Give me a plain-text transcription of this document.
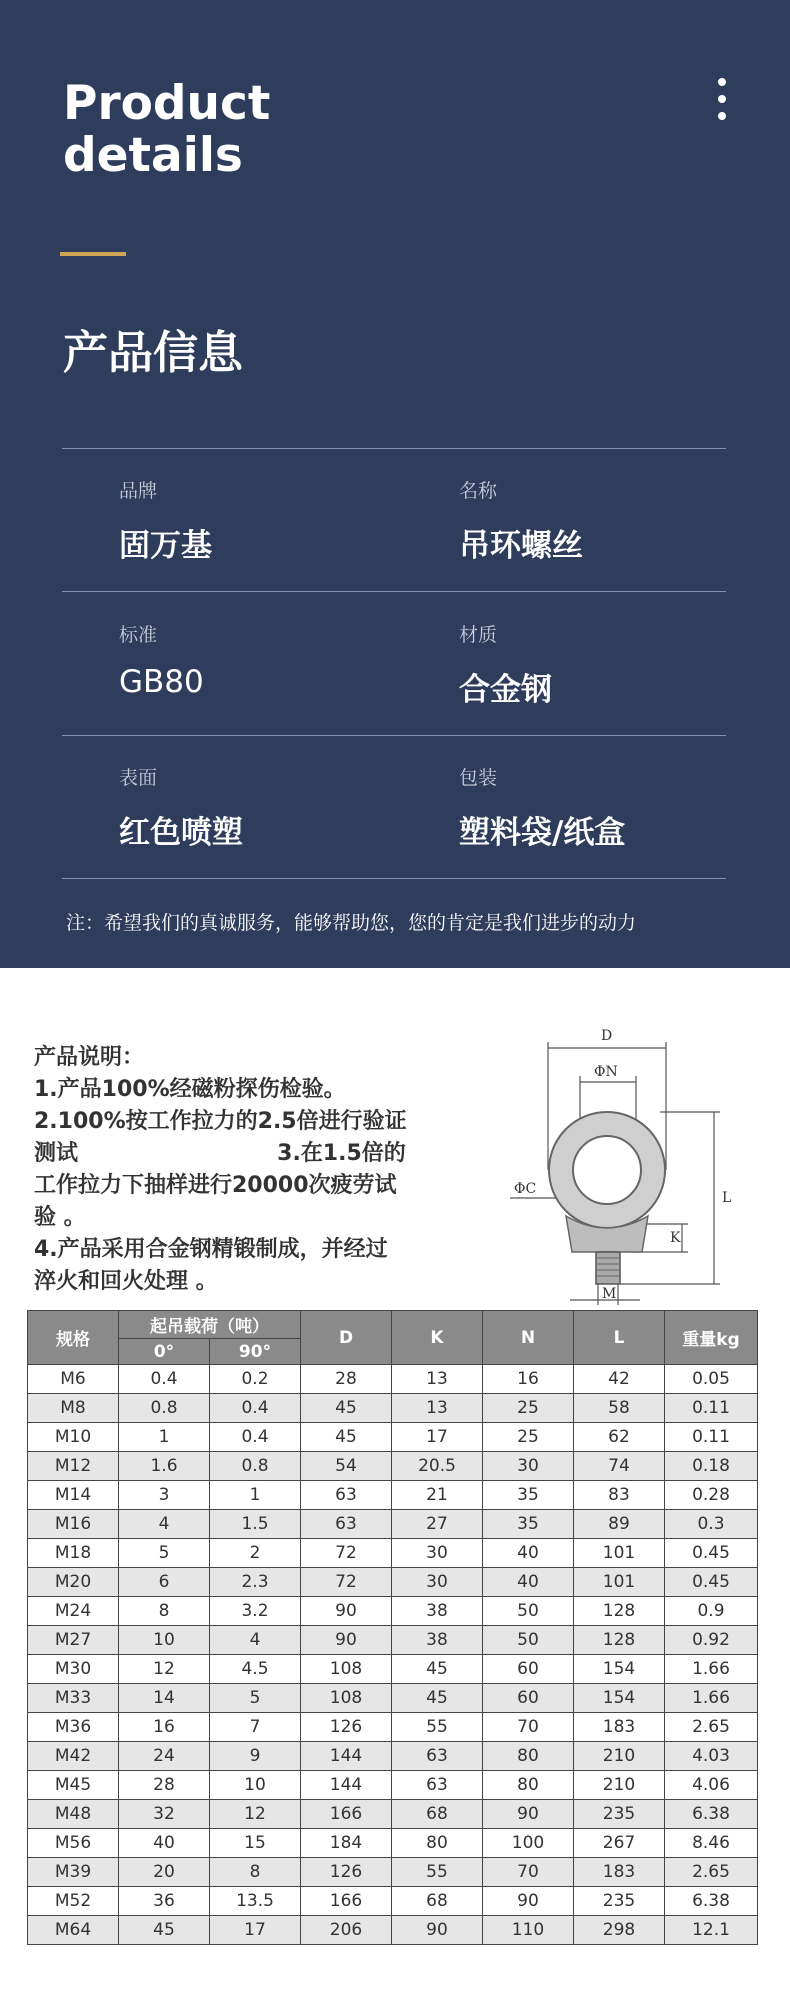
Product
details
产品信息
品牌
固万基
名称
吊环螺丝
标准
GB80
材质
合金钢
表面
红色喷塑
包装
塑料袋/纸盒
注：希望我们的真诚服务，能够帮助您，您的肯定是我们进步的动力
产品说明：
1.产品100%经磁粉探伤检验。
2.100%按工作拉力的2.5倍进行验证
测试                          3.在1.5倍的
工作拉力下抽样进行20000次疲劳试
验 。
4.产品采用合金钢精锻制成，并经过
淬火和回火处理 。
D
ΦN
ΦC
L
K
M
规格	起吊载荷（吨）		D	K	N	L	重量kg
	0°	90°					
M6	0.4	0.2	28	13	16	42	0.05
M8	0.8	0.4	45	13	25	58	0.11
M10	1	0.4	45	17	25	62	0.11
M12	1.6	0.8	54	20.5	30	74	0.18
M14	3	1	63	21	35	83	0.28
M16	4	1.5	63	27	35	89	0.3
M18	5	2	72	30	40	101	0.45
M20	6	2.3	72	30	40	101	0.45
M24	8	3.2	90	38	50	128	0.9
M27	10	4	90	38	50	128	0.92
M30	12	4.5	108	45	60	154	1.66
M33	14	5	108	45	60	154	1.66
M36	16	7	126	55	70	183	2.65
M42	24	9	144	63	80	210	4.03
M45	28	10	144	63	80	210	4.06
M48	32	12	166	68	90	235	6.38
M56	40	15	184	80	100	267	8.46
M39	20	8	126	55	70	183	2.65
M52	36	13.5	166	68	90	235	6.38
M64	45	17	206	90	110	298	12.1
